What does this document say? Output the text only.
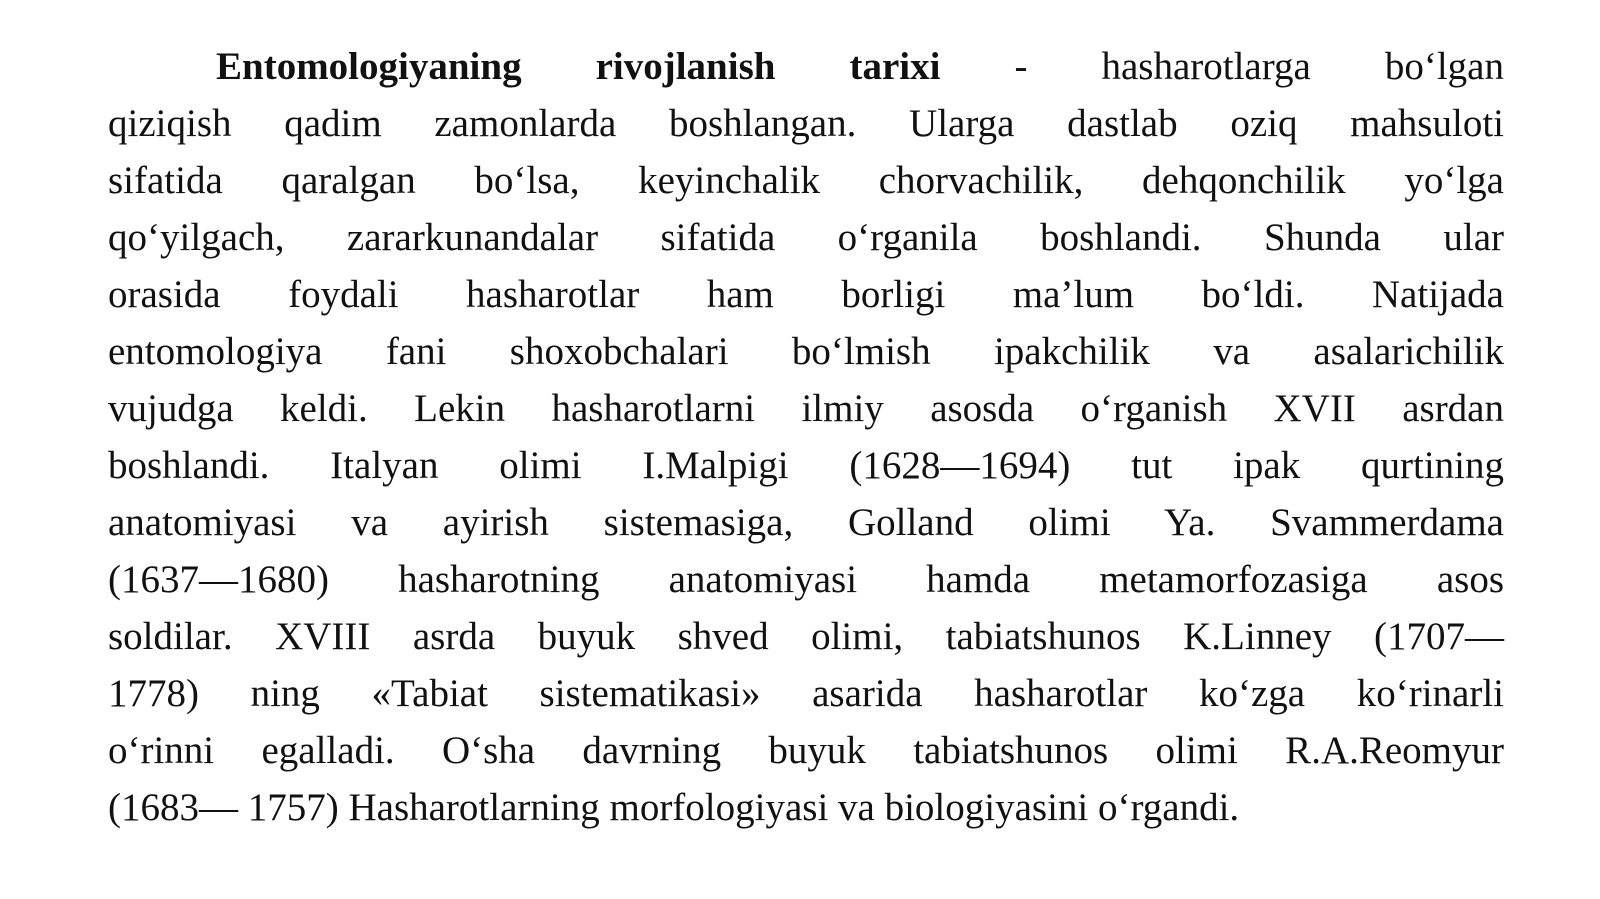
Entomologiyaning rivojlanish tarixi - hasharotlarga bo‘lgan
qiziqish qadim zamonlarda boshlangan. Ularga dastlab oziq mahsuloti
sifatida qaralgan bo‘lsa, keyinchalik chorvachilik, dehqonchilik yo‘lga
qo‘yilgach, zararkunandalar sifatida o‘rganila boshlandi. Shunda ular
orasida foydali hasharotlar ham borligi ma’lum bo‘ldi. Natijada
entomologiya fani shoxobchalari bo‘lmish ipakchilik va asalarichilik
vujudga keldi. Lekin hasharotlarni ilmiy asosda o‘rganish XVII asrdan
boshlandi. Italyan olimi I.Malpigi (1628—1694) tut ipak qurtining
anatomiyasi va ayirish sistemasiga, Golland olimi Ya. Svammerdama
(1637—1680) hasharotning anatomiyasi hamda metamorfozasiga asos
soldilar. XVIII asrda buyuk shved olimi, tabiatshunos K.Linney (1707—
1778) ning «Tabiat sistematikasi» asarida hasharotlar ko‘zga ko‘rinarli
o‘rinni egalladi. O‘sha davrning buyuk tabiatshunos olimi R.A.Reomyur
(1683— 1757) Hasharotlarning morfologiyasi va biologiyasini o‘rgandi.
